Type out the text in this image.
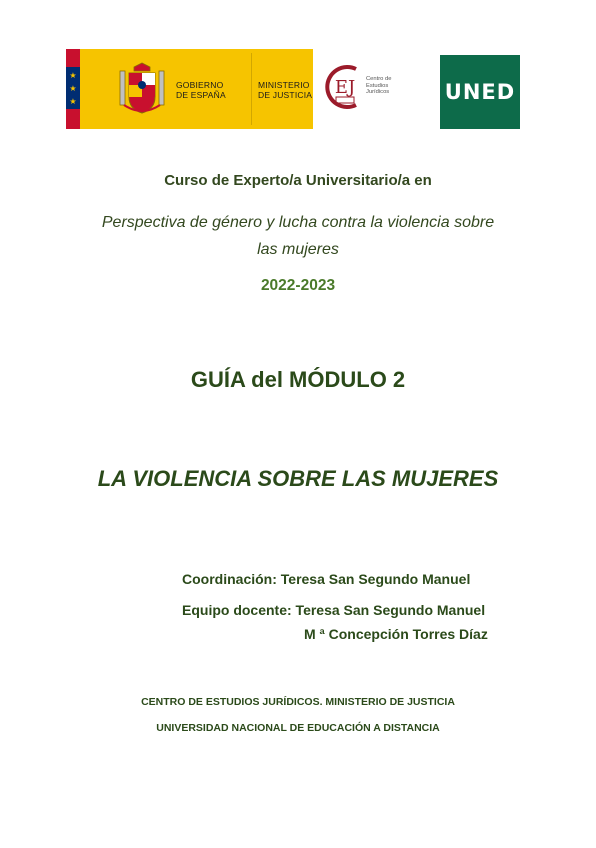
★
★
★
GOBIERNO
DE ESPAÑA
MINISTERIO
DE JUSTICIA	EJ Centro de
Estudios
Jurídicos	UNED
Curso de Experto/a Universitario/a en
Perspectiva de género y lucha contra la violencia sobre
las mujeres
2022-2023
GUÍA del MÓDULO 2
LA VIOLENCIA SOBRE LAS MUJERES
Coordinación: Teresa San Segundo Manuel
Equipo docente: Teresa San Segundo Manuel
M ª Concepción Torres Díaz
CENTRO DE ESTUDIOS JURÍDICOS. MINISTERIO DE JUSTICIA
UNIVERSIDAD NACIONAL DE EDUCACIÓN A DISTANCIA
